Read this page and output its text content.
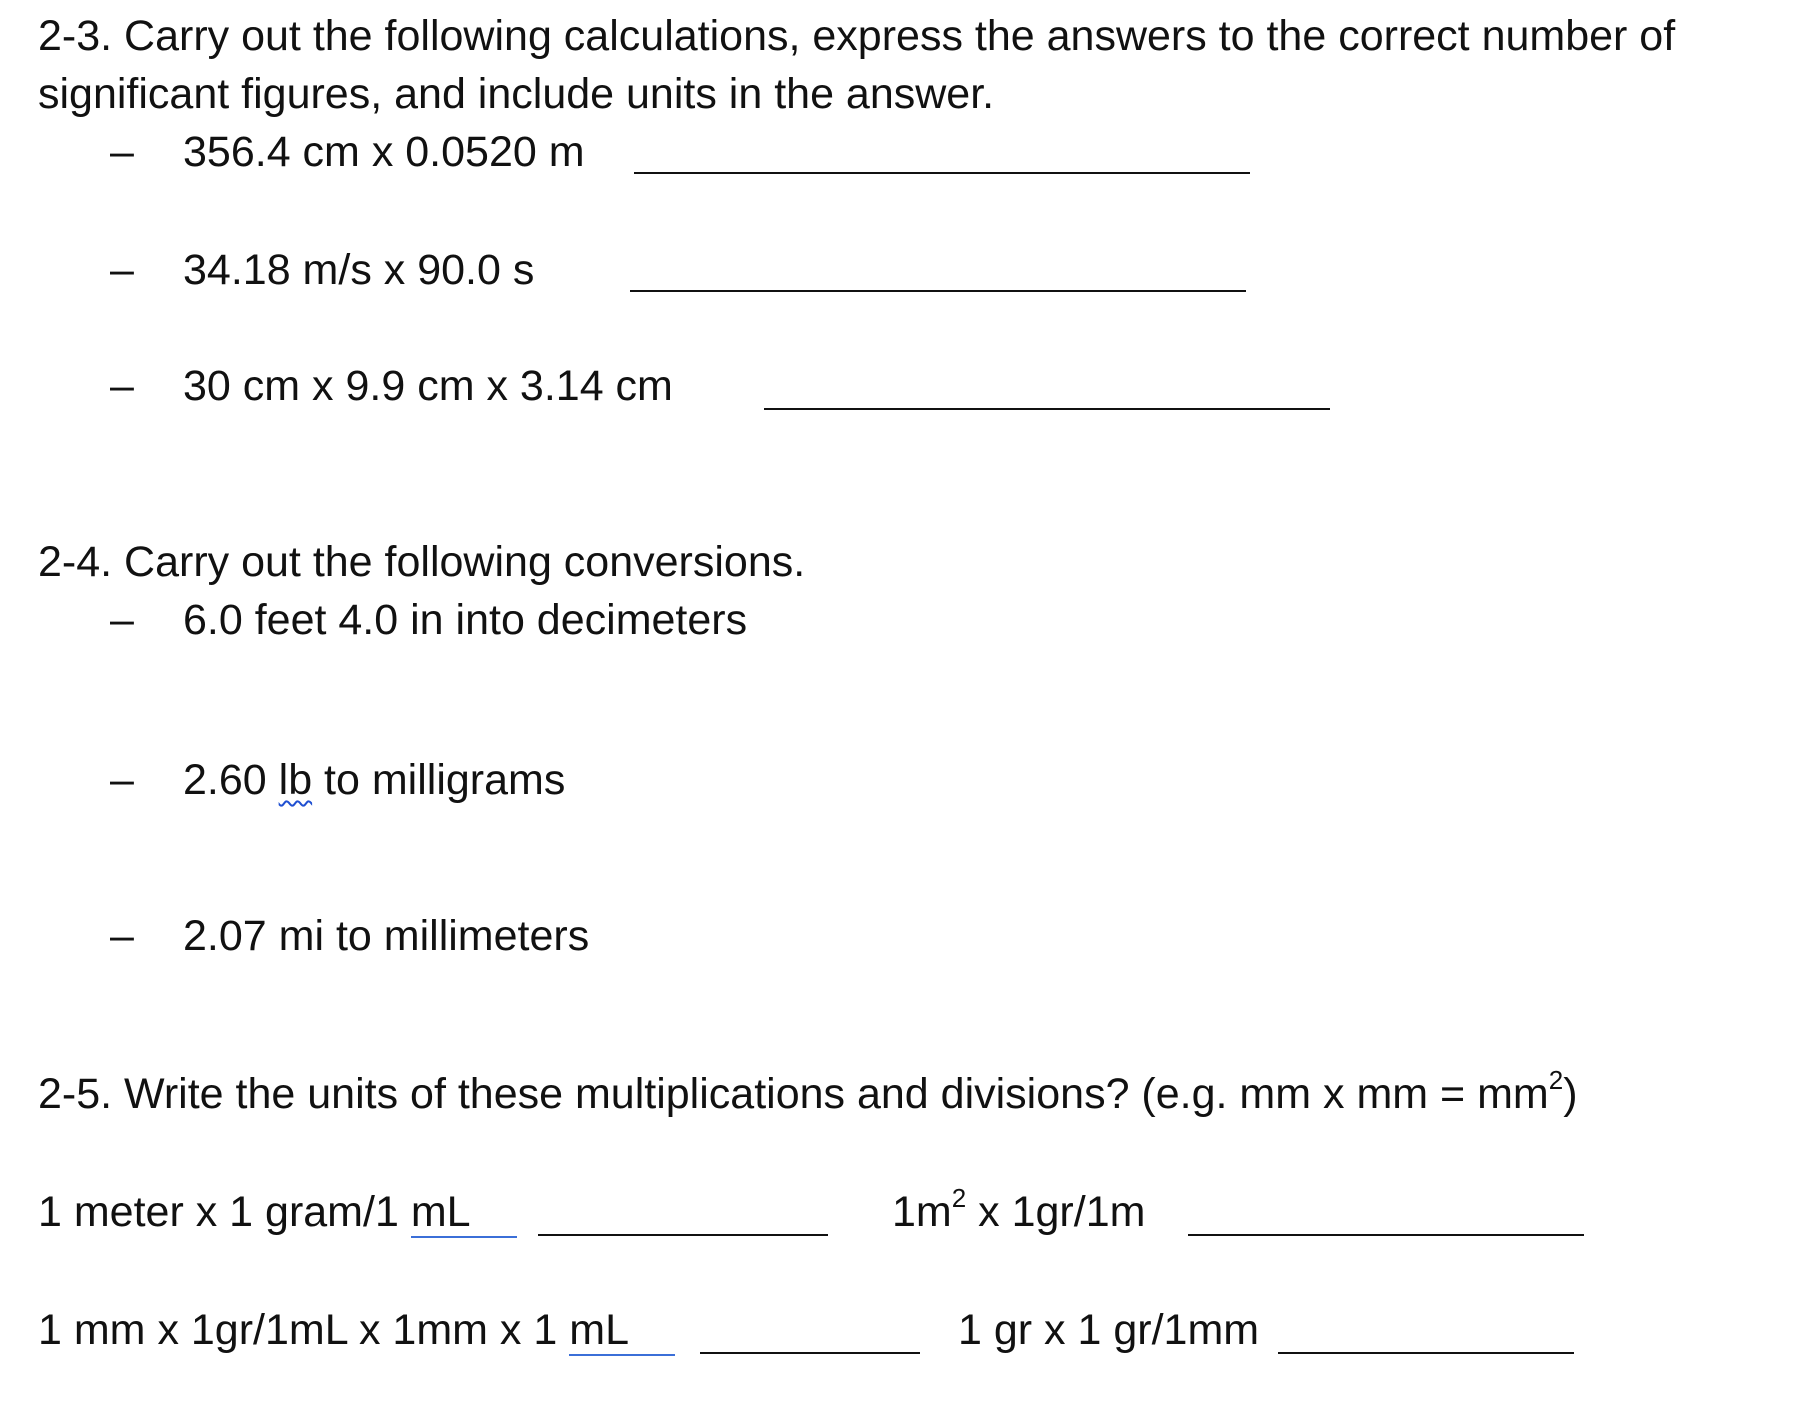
2-3. Carry out the following calculations, express the answers to the correct number of
significant figures, and include units in the answer.
– 356.4 cm x 0.0520 m
– 34.18 m/s x 90.0 s
– 30 cm x 9.9 cm x 3.14 cm
2-4. Carry out the following conversions.
– 6.0 feet 4.0 in into decimeters
– 2.60 lb to milligrams
– 2.07 mi to millimeters
2-5. Write the units of these multiplications and divisions? (e.g. mm x mm = $mm^2$)
1 meter x 1 gram/1 mL	$1m^2$ x 1gr/1m
1 mm x 1gr/1mL x 1mm x 1 mL	1 gr x 1 gr/1mm
